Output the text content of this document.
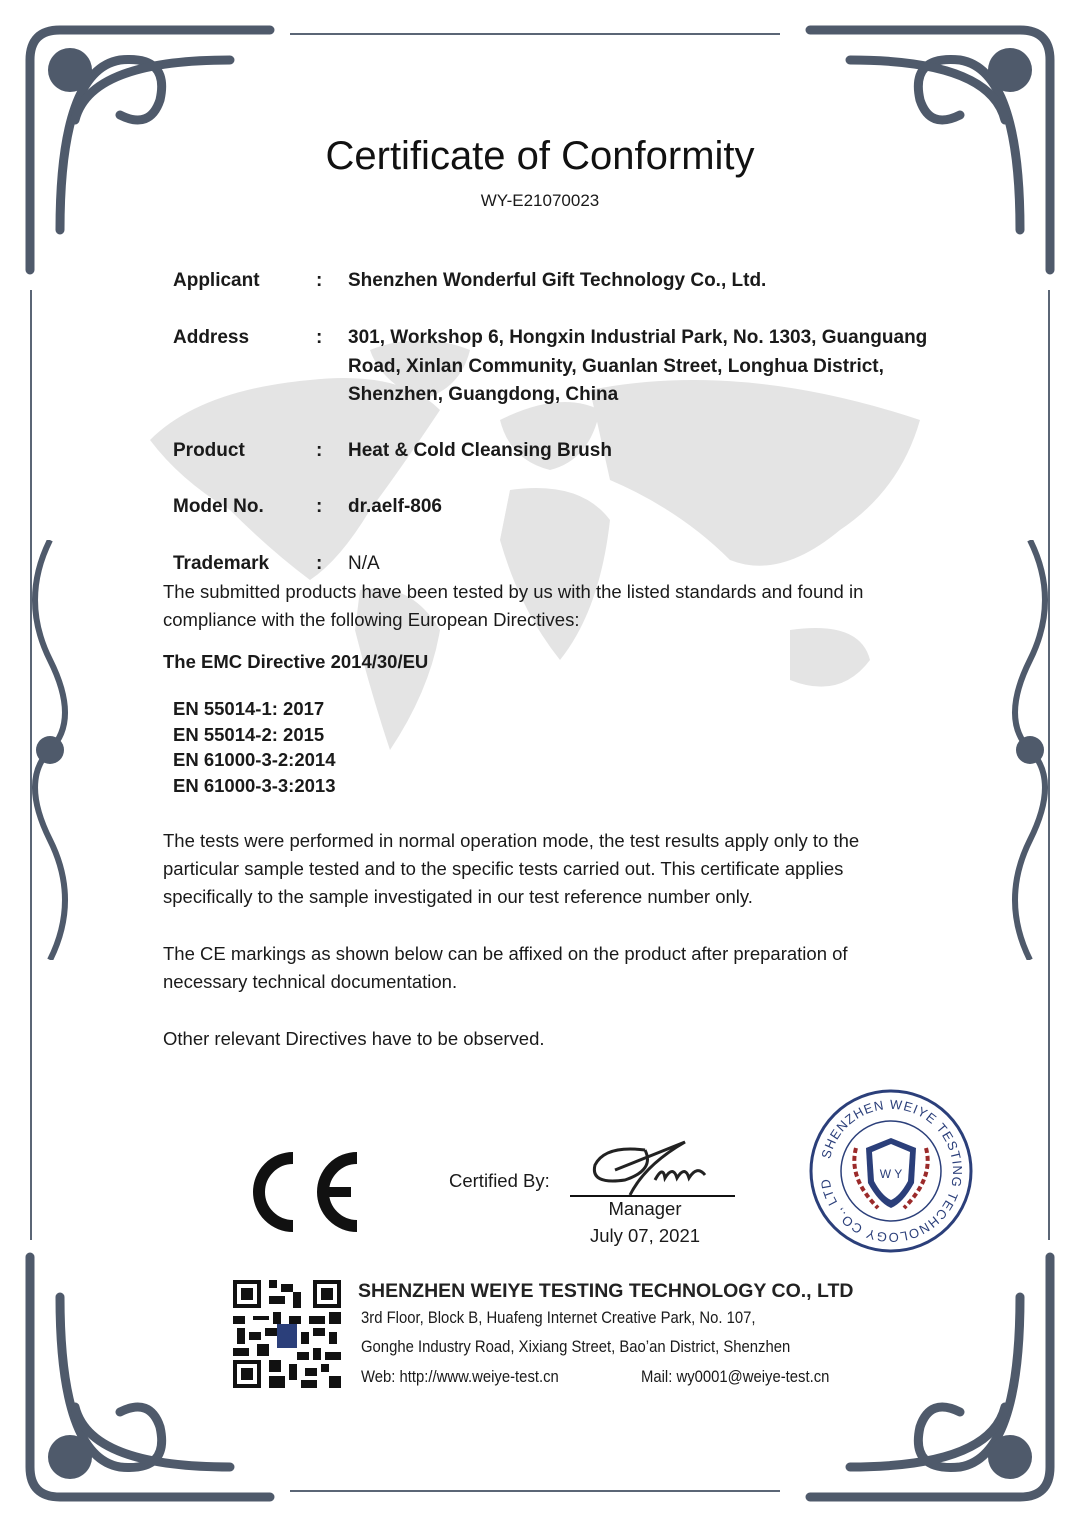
Certificate of Conformity
WY-E21070023
Applicant	: Shenzhen Wonderful Gift Technology Co., Ltd.
Address	: 301, Workshop 6, Hongxin Industrial Park, No. 1303, Guanguang Road, Xinlan Community, Guanlan Street, Longhua District, Shenzhen, Guangdong, China
Product	: Heat & Cold Cleansing Brush
Model No.	: dr.aelf-806
Trademark : N/A
The submitted products have been tested by us with the listed standards and found in compliance with the following European Directives:
The EMC Directive 2014/30/EU
EN 55014-1: 2017
EN 55014-2: 2015
EN 61000-3-2:2014
EN 61000-3-3:2013
The tests were performed in normal operation mode, the test results apply only to the particular sample tested and to the specific tests carried out. This certificate applies specifically to the sample investigated in our test reference number only.
The CE markings as shown below can be affixed on the product after preparation of necessary technical documentation.
Other relevant Directives have to be observed.
Certified By:
Manager
July 07, 2021
SHENZHEN WEIYE TESTING TECHNOLOGY CO., LTD
W Y
SHENZHEN WEIYE TESTING TECHNOLOGY CO., LTD
3rd Floor, Block B, Huafeng Internet Creative Park, No. 107,
Gonghe Industry Road, Xixiang Street, Bao’an District, Shenzhen
Web: http://www.weiye-test.cn	Mail: wy0001@weiye-test.cn
